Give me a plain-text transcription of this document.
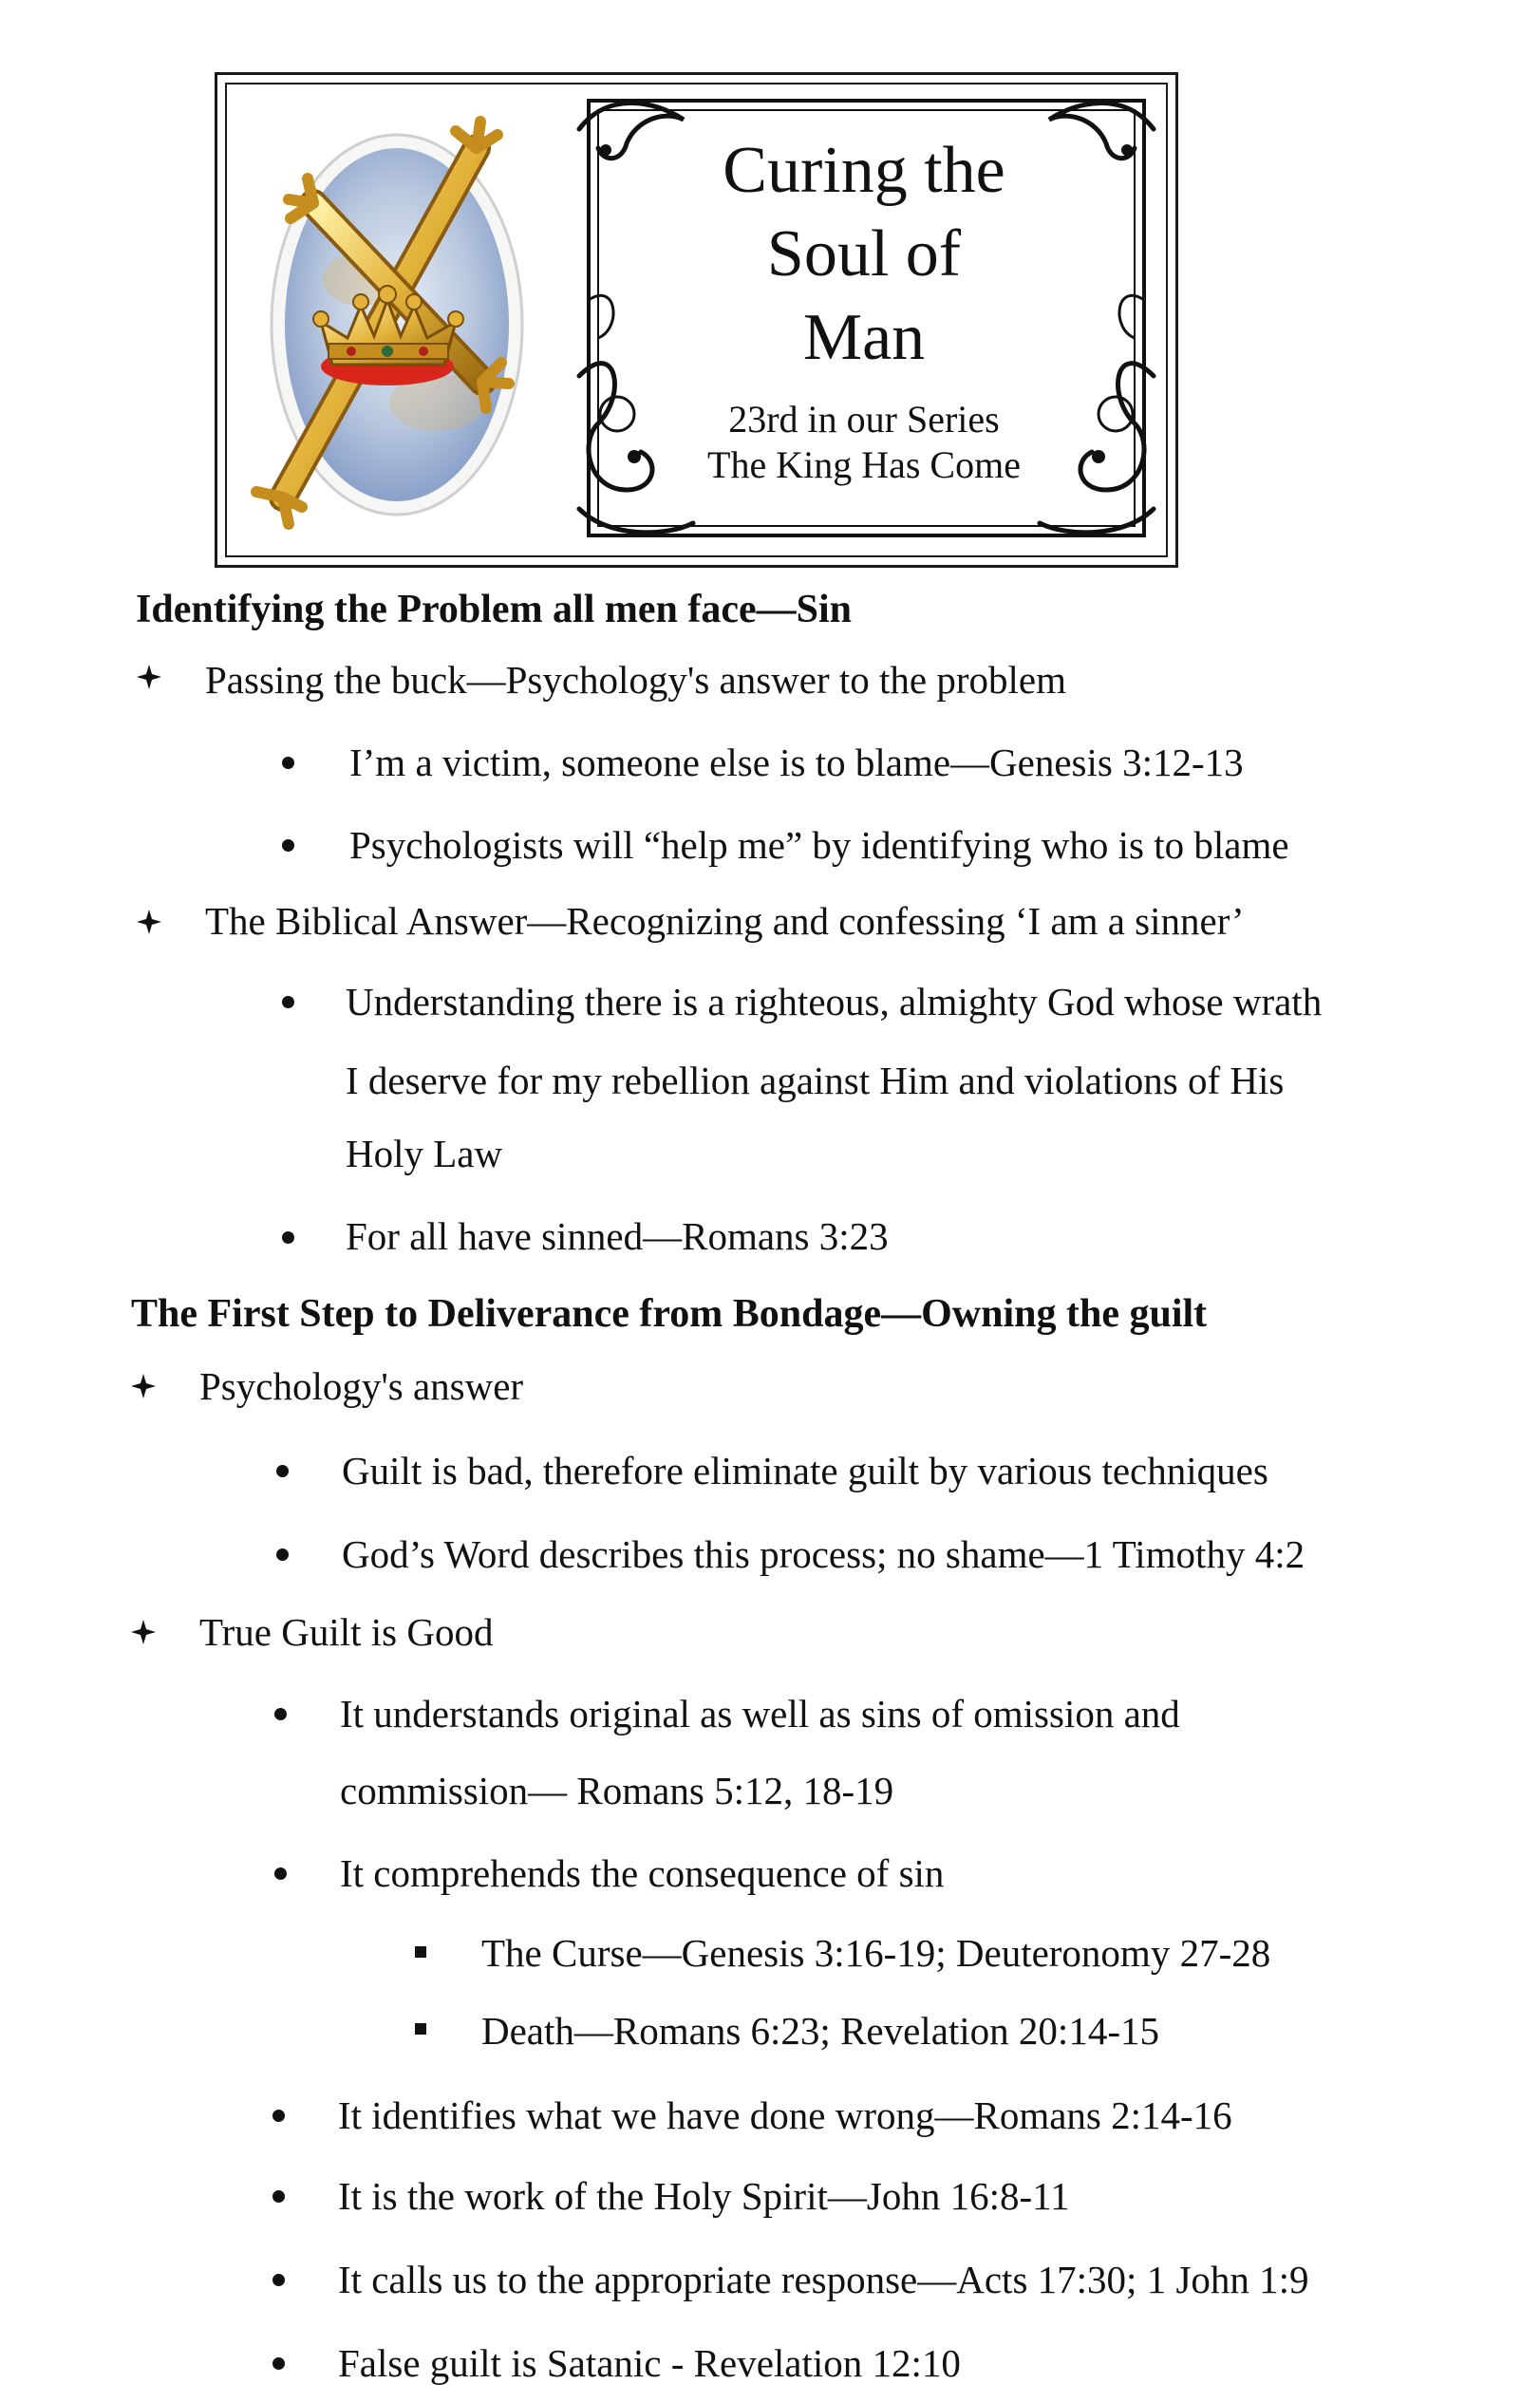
Curing the
Soul of
Man
23rd in our Series
The King Has Come
Identifying the Problem all men face—Sin
Passing the buck—Psychology's answer to the problem
I’m a victim, someone else is to blame—Genesis 3:12-13
Psychologists will “help me” by identifying who is to blame
The Biblical Answer—Recognizing and confessing ‘I am a sinner’
Understanding there is a righteous, almighty God whose wrath
I deserve for my rebellion against Him and violations of His
Holy Law
For all have sinned—Romans 3:23
The First Step to Deliverance from Bondage—Owning the guilt
Psychology's answer
Guilt is bad, therefore eliminate guilt by various techniques
God’s Word describes this process; no shame—1 Timothy 4:2
True Guilt is Good
It understands original as well as sins of omission and
commission— Romans 5:12, 18-19
It comprehends the consequence of sin
The Curse—Genesis 3:16-19; Deuteronomy 27-28
Death—Romans 6:23; Revelation 20:14-15
It identifies what we have done wrong—Romans 2:14-16
It is the work of the Holy Spirit—John 16:8-11
It calls us to the appropriate response—Acts 17:30; 1 John 1:9
False guilt is Satanic - Revelation 12:10
